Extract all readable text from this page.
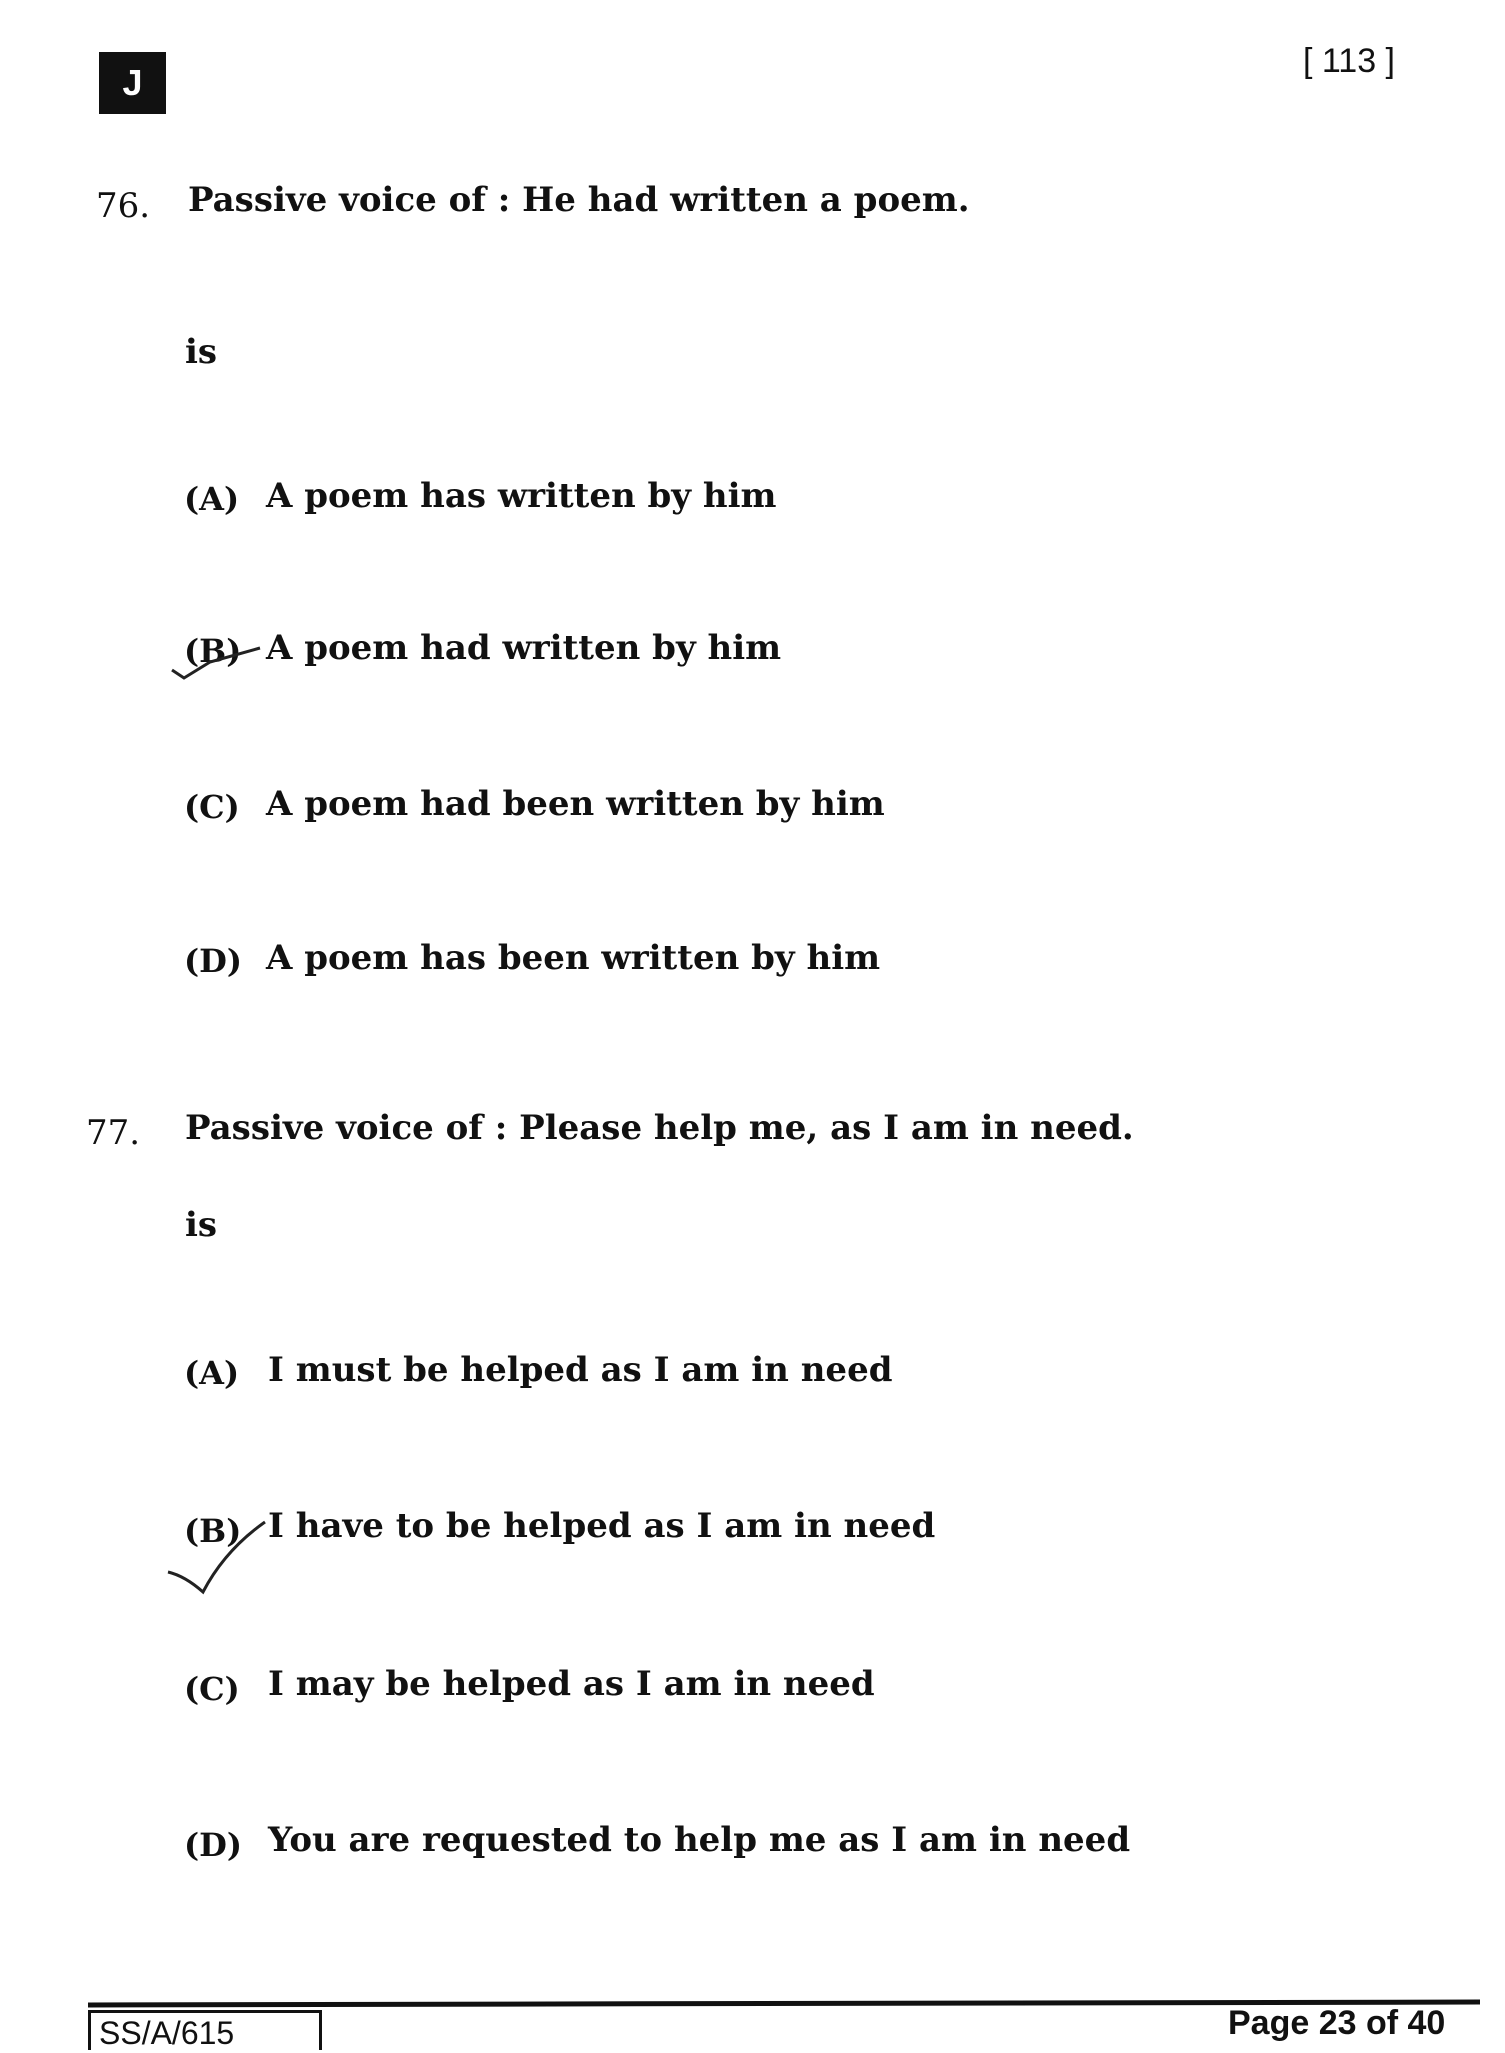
J
[ 113 ]
76. Passive voice of : He had written a poem.
is
(A) A poem has written by him
(B) A poem had written by him
(C) A poem had been written by him
(D) A poem has been written by him
77. Passive voice of : Please help me, as I am in need.
is
(A) I must be helped as I am in need
(B) I have to be helped as I am in need
(C) I may be helped as I am in need
(D) You are requested to help me as I am in need
SS/A/615	Page 23 of 40
